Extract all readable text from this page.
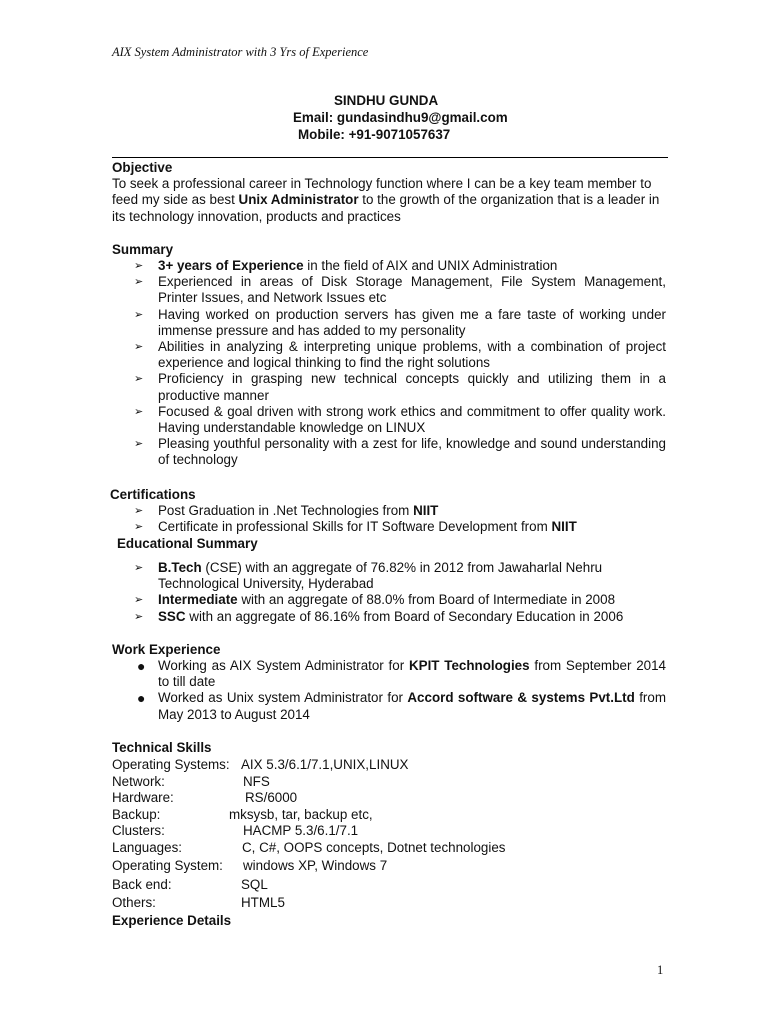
AIX System Administrator with 3 Yrs of Experience
SINDHU GUNDA
Email: gundasindhu9@gmail.com
Mobile: +91-9071057637
Objective
To seek a professional career in Technology function where I can be a key team member to feed my side as best Unix Administrator to the growth of the organization that is a leader in its technology innovation, products and practices
Summary
➢ 3+ years of Experience in the field of AIX and UNIX Administration
➢ Experienced in areas of Disk Storage Management, File System Management, Printer Issues, and Network Issues etc
➢ Having worked on production servers has given me a fare taste of working under immense pressure and has added to my personality
➢ Abilities in analyzing & interpreting unique problems, with a combination of project experience and logical thinking to find the right solutions
➢ Proficiency in grasping new technical concepts quickly and utilizing them in a productive manner
➢ Focused & goal driven with strong work ethics and commitment to offer quality work. Having understandable knowledge on LINUX
➢ Pleasing youthful personality with a zest for life, knowledge and sound understanding of technology
Certifications
➢ Post Graduation in .Net Technologies from NIIT
➢ Certificate in professional Skills for IT Software Development from NIIT
Educational Summary
➢ B.Tech (CSE) with an aggregate of 76.82% in 2012 from Jawaharlal Nehru Technological University, Hyderabad
➢ Intermediate with an aggregate of 88.0% from Board of Intermediate in 2008
➢ SSC with an aggregate of 86.16% from Board of Secondary Education in 2006
Work Experience
● Working as AIX System Administrator for KPIT Technologies from September 2014 to till date
● Worked as Unix system Administrator for Accord software & systems Pvt.Ltd from May 2013 to August 2014
Technical Skills
Operating Systems: AIX 5.3/6.1/7.1,UNIX,LINUX
Network:	NFS
Hardware:	RS/6000
Backup:	mksysb, tar, backup etc,
Clusters:	HACMP 5.3/6.1/7.1
Languages:	C, C#, OOPS concepts, Dotnet technologies
Operating System: windows XP, Windows 7
Back end:	SQL
Others:	HTML5
Experience Details
1
